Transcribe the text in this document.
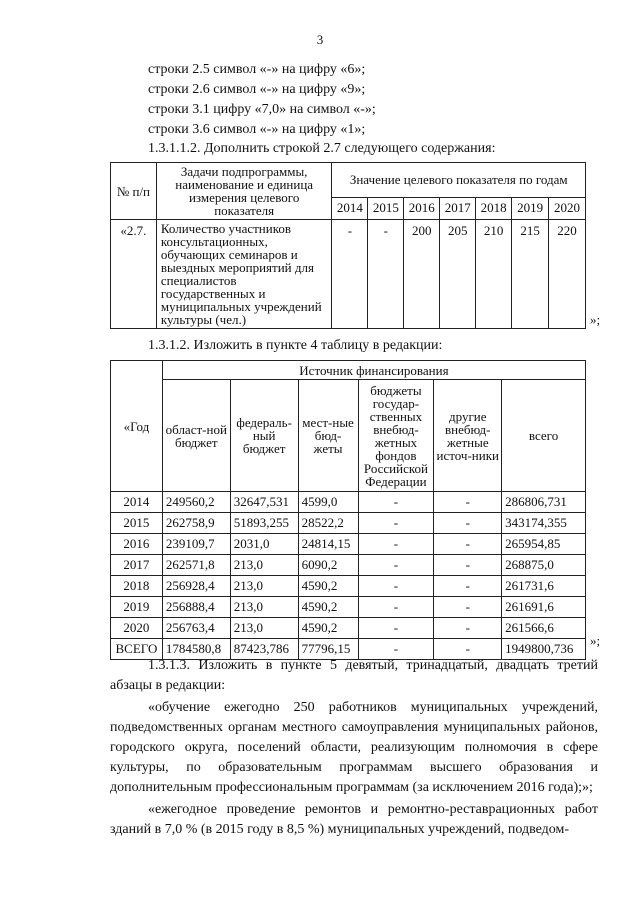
3
строки 2.5 символ «-» на цифру «6»;
строки 2.6 символ «-» на цифру «9»;
строки 3.1 цифру «7,0» на символ «-»;
строки 3.6 символ «-» на цифру «1»;
1.3.1.1.2. Дополнить строкой 2.7 следующего содержания:
№ п/п	Задачи подпрограммы, наименование и единица измерения целевого показателя	Значение целевого показателя по годам						
		2014	2015	2016	2017	2018	2019	2020
«2.7.	Количество участников консультационных, обучающих семинаров и выездных мероприятий для специалистов государственных и муниципальных учреждений культуры (чел.)	-	-	200	205	210	215	220
»;
1.3.1.2. Изложить в пункте 4 таблицу в редакции:
«Год	Источник финансирования					
	област-ной бюджет	федераль-ный бюджет	мест-ные бюд-жеты	бюджеты государ-ственных внебюд-жетных фондов Российской Федерации	другие внебюд-жетные источ-ники	всего
2014	249560,2	32647,531	4599,0	-	-	286806,731
2015	262758,9	51893,255	28522,2	-	-	343174,355
2016	239109,7	2031,0	24814,15	-	-	265954,85
2017	262571,8	213,0	6090,2	-	-	268875,0
2018	256928,4	213,0	4590,2	-	-	261731,6
2019	256888,4	213,0	4590,2	-	-	261691,6
2020	256763,4	213,0	4590,2	-	-	261566,6
ВСЕГО	1784580,8	87423,786	77796,15	-	-	1949800,736
»;
1.3.1.3. Изложить в пункте 5 девятый, тринадцатый, двадцать третий абзацы в редакции:
«обучение ежегодно 250 работников муниципальных учреждений, подведомственных органам местного самоуправления муниципальных районов, городского округа, поселений области, реализующим полномочия в сфере культуры, по образовательным программам высшего образования и дополнительным профессиональным программам (за исключением 2016 года);»;
«ежегодное проведение ремонтов и ремонтно-реставрационных работ зданий в 7,0 % (в 2015 году в 8,5 %) муниципальных учреждений, подведом-
